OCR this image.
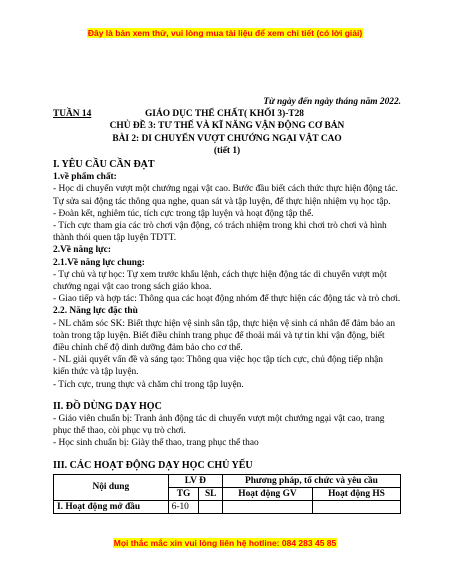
Đây là bản xem thử, vui lòng mua tài liệu để xem chi tiết (có lời giải)

Từ ngày đến ngày tháng năm 2022.

TUẦN 14	GIÁO DỤC THỂ CHẤT( KHỐI 3)-T28

CHỦ ĐỀ 3: TƯ THẾ VÀ KĨ NĂNG VẬN ĐỘNG CƠ BẢN

BÀI 2: DI CHUYỂN VƯỢT CHƯỚNG NGẠI VẬT CAO

(tiết 1)

I. YÊU CẦU CẦN ĐẠT

1.về phẩm chất:

- Học di chuyển vượt một chướng ngại vật cao. Bước đầu biết cách thức thực hiện động tác. Tự sửa sai động tác thông qua nghe, quan sát và tập luyện, để thực hiện nhiệm vụ học tập.

- Đoàn kết, nghiêm túc, tích cực trong tập luyện và hoạt động tập thể.

- Tích cực tham gia các trò chơi vận động, có trách nhiệm trong khi chơi trò chơi và hình thành thói quen tập luyện TDTT.

2.Về năng lực:

2.1.Về năng lực chung:

- Tự chủ và tự học: Tự xem trước khẩu lệnh, cách thực hiện động tác di chuyển vượt một chướng ngại vật cao trong sách giáo khoa.

- Giao tiếp và hợp tác: Thông qua các hoạt động nhóm để thực hiện các động tác và trò chơi.

2.2. Năng lực đặc thù

- NL chăm sóc SK: Biết thực hiện vệ sinh sân tập, thực hiện vệ sinh cá nhân để đảm bảo an toàn trong tập luyện. Biết điều chỉnh trang phục để thoải mái và tự tin khi vận động, biết điều chỉnh chế độ dinh dưỡng đảm bảo cho cơ thể.

- NL giải quyết vấn đề và sáng tạo: Thông qua việc học tập tích cực, chủ động tiếp nhận kiến thức và tập luyện.

- Tích cực, trung thực và chăm chỉ trong tập luyện.

II. ĐỒ DÙNG DẠY HỌC

- Giáo viên chuẩn bị: Tranh ảnh động tác di chuyển vượt một chướng ngại vật cao, trang phục thể thao, còi phục vụ trò chơi.

- Học sinh chuẩn bị: Giày thể thao, trang phục thể thao

III. CÁC HOẠT ĐỘNG DẠY HỌC CHỦ YẾU

Nội dung	LV Đ		Phương pháp, tổ chức và yêu cầu	
	TG	SL	Hoạt động GV	Hoạt động HS
I. Hoạt động mở đầu	6-10			
Mọi thắc mắc xin vui lòng liên hệ hotline: 084 283 45 85
